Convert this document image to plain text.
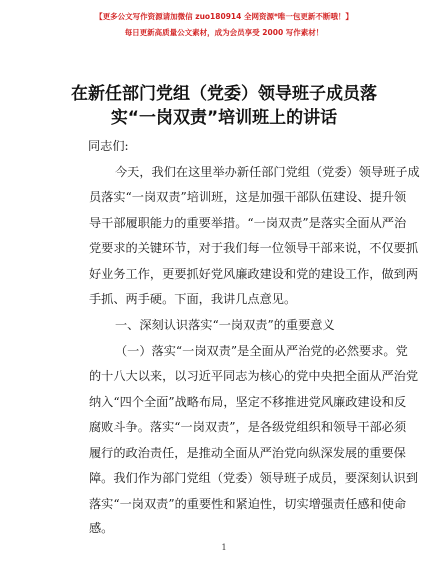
【更多公文写作资源请加微信 zuo180914 全网资源*唯一包更新不断哦！】
每日更新高质量公文素材，成为会员享受 2000 写作素材！
在新任部门党组（党委）领导班子成员落
实“一岗双责”培训班上的讲话
同志们:
今天，我们在这里举办新任部门党组（党委）领导班子成
员落实“一岗双责”培训班，这是加强干部队伍建设、提升领
导干部履职能力的重要举措。“一岗双责”是落实全面从严治
党要求的关键环节，对于我们每一位领导干部来说，不仅要抓
好业务工作，更要抓好党风廉政建设和党的建设工作，做到两
手抓、两手硬。下面，我讲几点意见。
一、深刻认识落实“一岗双责”的重要意义
（一）落实“一岗双责”是全面从严治党的必然要求。党
的十八大以来，以习近平同志为核心的党中央把全面从严治党
纳入“四个全面”战略布局，坚定不移推进党风廉政建设和反
腐败斗争。落实“一岗双责”，是各级党组织和领导干部必须
履行的政治责任，是推动全面从严治党向纵深发展的重要保
障。我们作为部门党组（党委）领导班子成员，要深刻认识到
落实“一岗双责”的重要性和紧迫性，切实增强责任感和使命
感。
1
